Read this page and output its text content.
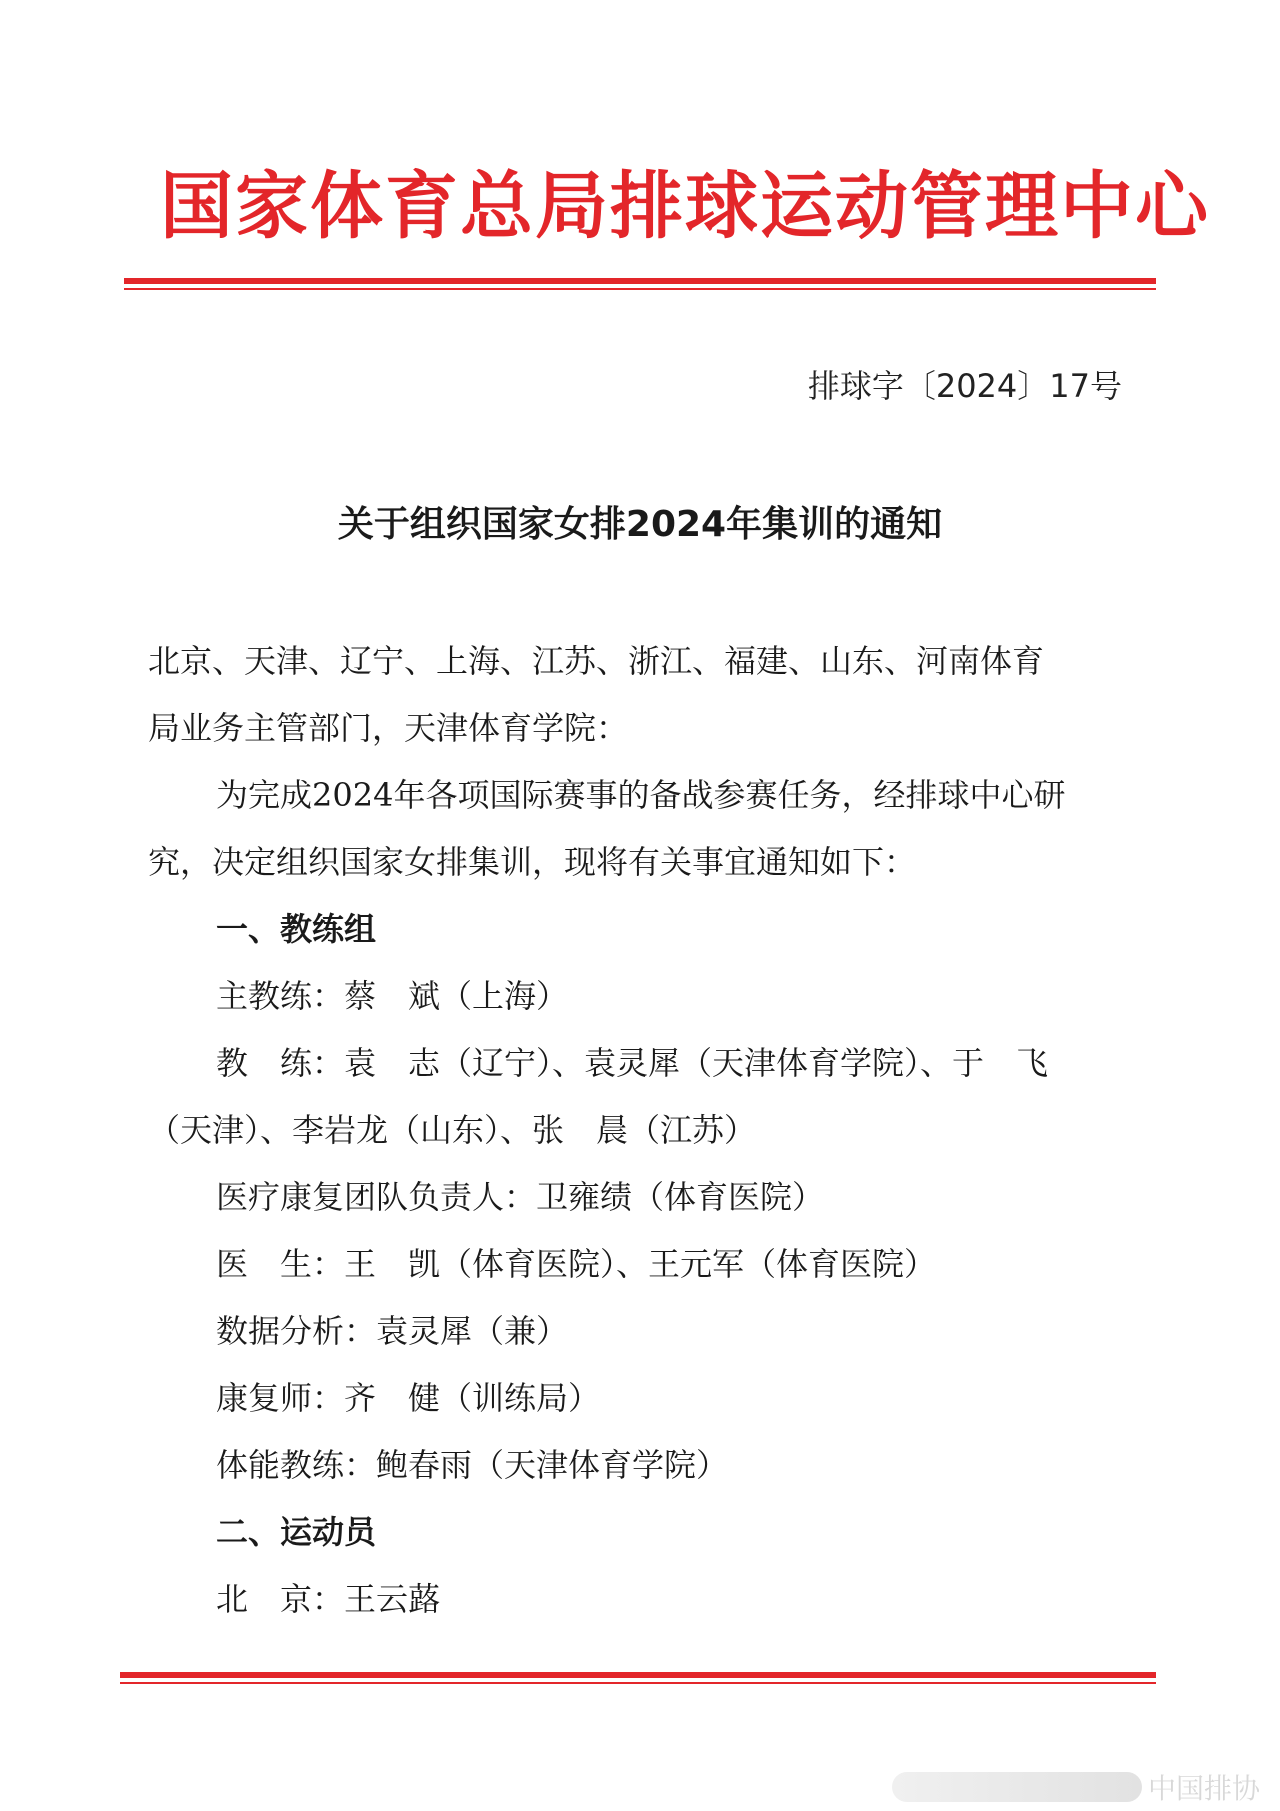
国家体育总局排球运动管理中心
排球字〔2024〕17号
关于组织国家女排2024年集训的通知

北京、天津、辽宁、上海、江苏、浙江、福建、山东、河南体育

局业务主管部门，天津体育学院：

为完成2024年各项国际赛事的备战参赛任务，经排球中心研

究，决定组织国家女排集训，现将有关事宜通知如下：

一、教练组

主教练：蔡　斌（上海）

教　练：袁　志（辽宁）、袁灵犀（天津体育学院）、于　飞

（天津）、李岩龙（山东）、张　晨（江苏）

医疗康复团队负责人：卫雍绩（体育医院）

医　生：王　凯（体育医院）、王元军（体育医院）

数据分析：袁灵犀（兼）

康复师：齐　健（训练局）

体能教练：鲍春雨（天津体育学院）

二、运动员

北　京：王云蕗

中国排协
